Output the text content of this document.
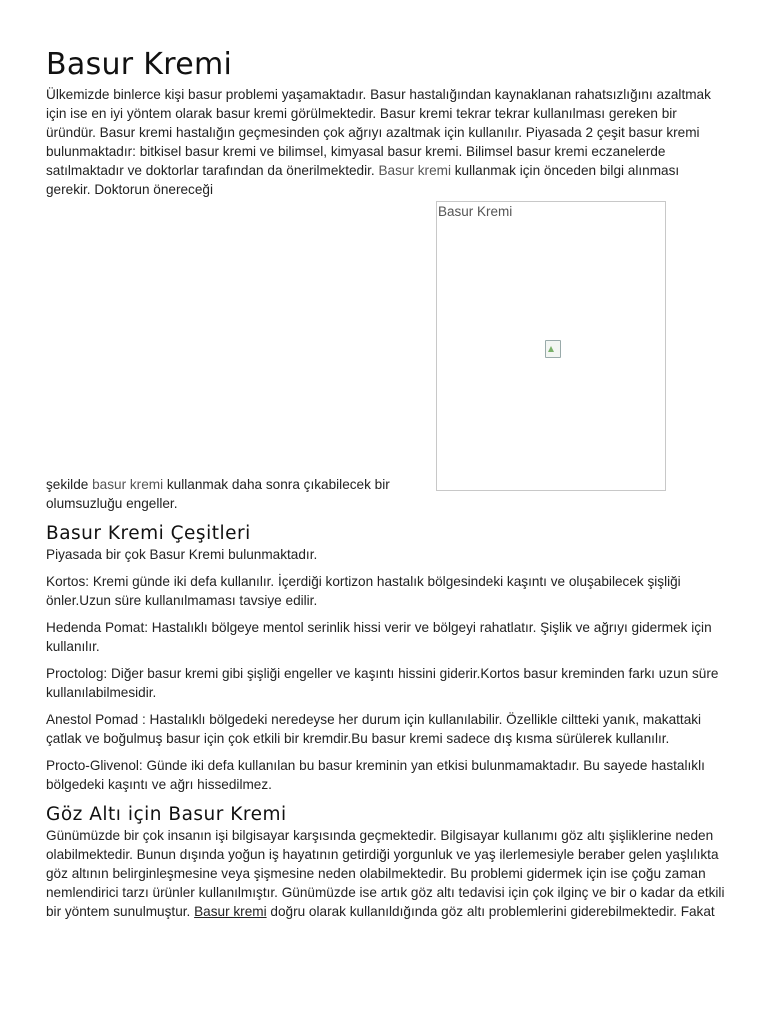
Basur Kremi

Ülkemizde binlerce kişi basur problemi yaşamaktadır. Basur hastalığından kaynaklanan rahatsızlığını azaltmak için ise en iyi yöntem olarak basur kremi görülmektedir. Basur kremi tekrar tekrar kullanılması gereken bir üründür. Basur kremi hastalığın geçmesinden çok ağrıyı azaltmak için kullanılır. Piyasada 2 çeşit basur kremi bulunmaktadır: bitkisel basur kremi ve bilimsel, kimyasal basur kremi. Bilimsel basur kremi eczanelerde satılmaktadır ve doktorlar tarafından da önerilmektedir. Basur kremi kullanmak için önceden bilgi alınması gerekir. Doktorun önereceği

Basur Kremi

şekilde basur kremi kullanmak daha sonra çıkabilecek bir olumsuzluğu engeller.

Basur Kremi Çeşitleri

Piyasada bir çok Basur Kremi bulunmaktadır.

Kortos: Kremi günde iki defa kullanılır. İçerdiği kortizon hastalık bölgesindeki kaşıntı ve oluşabilecek şişliği önler.Uzun süre kullanılmaması tavsiye edilir.

Hedenda Pomat: Hastalıklı bölgeye mentol serinlik hissi verir ve bölgeyi rahatlatır. Şişlik ve ağrıyı gidermek için kullanılır.

Proctolog: Diğer basur kremi gibi şişliği engeller ve kaşıntı hissini giderir.Kortos basur kreminden farkı uzun süre kullanılabilmesidir.

Anestol Pomad : Hastalıklı bölgedeki neredeyse her durum için kullanılabilir. Özellikle ciltteki yanık, makattaki çatlak ve boğulmuş basur için çok etkili bir kremdir.Bu basur kremi sadece dış kısma sürülerek kullanılır.

Procto-Glivenol: Günde iki defa kullanılan bu basur kreminin yan etkisi bulunmamaktadır. Bu sayede hastalıklı bölgedeki kaşıntı ve ağrı hissedilmez.

Göz Altı için Basur Kremi

Günümüzde bir çok insanın işi bilgisayar karşısında geçmektedir. Bilgisayar kullanımı göz altı şişliklerine neden olabilmektedir. Bunun dışında yoğun iş hayatının getirdiği yorgunluk ve yaş ilerlemesiyle beraber gelen yaşlılıkta göz altının belirginleşmesine veya şişmesine neden olabilmektedir. Bu problemi gidermek için ise çoğu zaman nemlendirici tarzı ürünler kullanılmıştır. Günümüzde ise artık göz altı tedavisi için çok ilginç ve bir o kadar da etkili bir yöntem sunulmuştur. Basur kremi doğru olarak kullanıldığında göz altı problemlerini giderebilmektedir. Fakat
